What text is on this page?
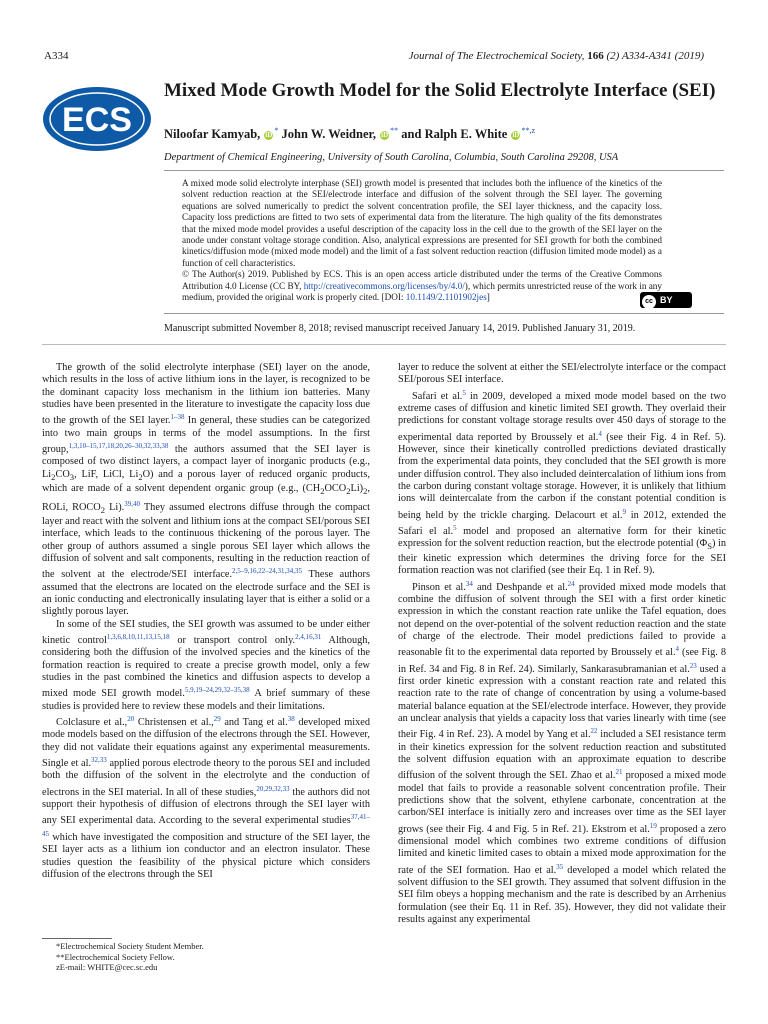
A334	Journal of The Electrochemical Society, 166 (2) A334-A341 (2019)
ECS
Mixed Mode Growth Model for the Solid Electrolyte Interface (SEI)
Niloofar Kamyab, iD * John W. Weidner, iD ** and Ralph E. White iD $^{**,z}$
Department of Chemical Engineering, University of South Carolina, Columbia, South Carolina 29208, USA

A mixed mode solid electrolyte interphase (SEI) growth model is presented that includes both the influence of the kinetics of the solvent reduction reaction at the SEI/electrode interface and diffusion of the solvent through the SEI layer. The governing equations are solved numerically to predict the solvent concentration profile, the SEI layer thickness, and the capacity loss. Capacity loss predictions are fitted to two sets of experimental data from the literature. The high quality of the fits demonstrates that the mixed mode model provides a useful description of the capacity loss in the cell due to the growth of the SEI layer on the anode under constant voltage storage condition. Also, analytical expressions are presented for SEI growth for both the combined kinetics/diffusion mode (mixed mode model) and the limit of a fast solvent reduction reaction (diffusion limited mode model) as a function of cell characteristics.

© The Author(s) 2019. Published by ECS. This is an open access article distributed under the terms of the Creative Commons Attribution 4.0 License (CC BY, http://creativecommons.org/licenses/by/4.0/), which permits unrestricted reuse of the work in any medium, provided the original work is properly cited. [DOI: 10.1149/2.1101902jes]	cc BY
Manuscript submitted November 8, 2018; revised manuscript received January 14, 2019. Published January 31, 2019.

The growth of the solid electrolyte interphase (SEI) layer on the anode, which results in the loss of active lithium ions in the layer, is recognized to be the dominant capacity loss mechanism in the lithium ion batteries. Many studies have been presented in the literature to investigate the capacity loss due to the growth of the SEI layer.$^{1-38}$ In general, these studies can be categorized into two main groups in terms of the model assumptions. In the first group,$^{1,3,10-15,17,18,20,26-30,32,33,38}$ the authors assumed that the SEI layer is composed of two distinct layers, a compact layer of inorganic products (e.g., $Li_2CO_3$, LiF, LiCl, $Li_2O$) and a porous layer of reduced organic products, which are made of a solvent dependent organic group (e.g., $(CH_2OCO_2Li)_2$, ROLi, $ROCO_2$ Li).$^{39,40}$ They assumed electrons diffuse through the compact layer and react with the solvent and lithium ions at the compact SEI/porous SEI interface, which leads to the continuous thickening of the porous layer. The other group of authors assumed a single porous SEI layer which allows the diffusion of solvent and salt components, resulting in the reduction reaction of the solvent at the electrode/SEI interface.$^{2,5-9,16,22-24,31,34,35}$ These authors assumed that the electrons are located on the electrode surface and the SEI is an ionic conducting and electronically insulating layer that is either a solid or a slightly porous layer.

In some of the SEI studies, the SEI growth was assumed to be under either kinetic control$^{1,3,6,8,10,11,13,15,18}$ or transport control only.$^{2,4,16,31}$ Although, considering both the diffusion of the involved species and the kinetics of the formation reaction is required to create a precise growth model, only a few studies in the past combined the kinetics and diffusion aspects to develop a mixed mode SEI growth model.$^{5,9,19-24,29,32-35,38}$ A brief summary of these studies is provided here to review these models and their limitations.

Colclasure et al.,$^{20}$ Christensen et al.,$^{29}$ and Tang et al.$^{38}$ developed mixed mode models based on the diffusion of the electrons through the SEI. However, they did not validate their equations against any experimental measurements. Single et al.$^{32,33}$ applied porous electrode theory to the porous SEI and included both the diffusion of the solvent in the electrolyte and the conduction of electrons in the SEI material. In all of these studies,$^{20,29,32,33}$ the authors did not support their hypothesis of diffusion of electrons through the SEI layer with any SEI experimental data. According to the several experimental studies$^{37,41-45}$ which have investigated the composition and structure of the SEI layer, the SEI layer acts as a lithium ion conductor and an electron insulator. These studies question the feasibility of the physical picture which considers diffusion of the electrons through the SEI

layer to reduce the solvent at either the SEI/electrolyte interface or the compact SEI/porous SEI interface.

Safari et al.$^5$ in 2009, developed a mixed mode model based on the two extreme cases of diffusion and kinetic limited SEI growth. They overlaid their predictions for constant voltage storage results over 450 days of storage to the experimental data reported by Broussely et al.$^4$ (see their Fig. 4 in Ref. 5). However, since their kinetically controlled predictions deviated drastically from the experimental data points, they concluded that the SEI growth is more under diffusion control. They also included deintercalation of lithium ions from the carbon during constant voltage storage. However, it is unlikely that lithium ions will deintercalate from the carbon if the constant potential condition is being held by the trickle charging. Delacourt et al.$^9$ in 2012, extended the Safari el al.$^5$ model and proposed an alternative form for their kinetic expression for the solvent reduction reaction, but the electrode potential $(\Phi_S)$ in their kinetic expression which determines the driving force for the SEI formation reaction was not clarified (see their Eq. 1 in Ref. 9).

Pinson et al.$^{34}$ and Deshpande et al.$^{24}$ provided mixed mode models that combine the diffusion of solvent through the SEI with a first order kinetic expression in which the constant reaction rate unlike the Tafel equation, does not depend on the over-potential of the solvent reduction reaction and the state of charge of the electrode. Their model predictions failed to provide a reasonable fit to the experimental data reported by Broussely et al.$^4$ (see Fig. 8 in Ref. 34 and Fig. 8 in Ref. 24). Similarly, Sankarasubramanian et al.$^{23}$ used a first order kinetic expression with a constant reaction rate and related this reaction rate to the rate of change of concentration by using a volume-based material balance equation at the SEI/electrode interface. However, they provide an unclear analysis that yields a capacity loss that varies linearly with time (see their Fig. 4 in Ref. 23). A model by Yang et al.$^{22}$ included a SEI resistance term in their kinetics expression for the solvent reduction reaction and substituted the solvent diffusion equation with an approximate equation to describe diffusion of the solvent through the SEI. Zhao et al.$^{21}$ proposed a mixed mode model that fails to provide a reasonable solvent concentration profile. Their predictions show that the solvent, ethylene carbonate, concentration at the carbon/SEI interface is initially zero and increases over time as the SEI layer grows (see their Fig. 4 and Fig. 5 in Ref. 21). Ekstrom et al.$^{19}$ proposed a zero dimensional model which combines two extreme conditions of diffusion limited and kinetic limited cases to obtain a mixed mode approximation for the rate of the SEI formation. Hao et al.$^{35}$ developed a model which related the solvent diffusion to the SEI growth. They assumed that solvent diffusion in the SEI film obeys a hopping mechanism and the rate is described by an Arrhenius formulation (see their Eq. 11 in Ref. 35). However, they did not validate their results against any experimental

*Electrochemical Society Student Member.
**Electrochemical Society Fellow.
zE-mail: WHITE@cec.sc.edu
